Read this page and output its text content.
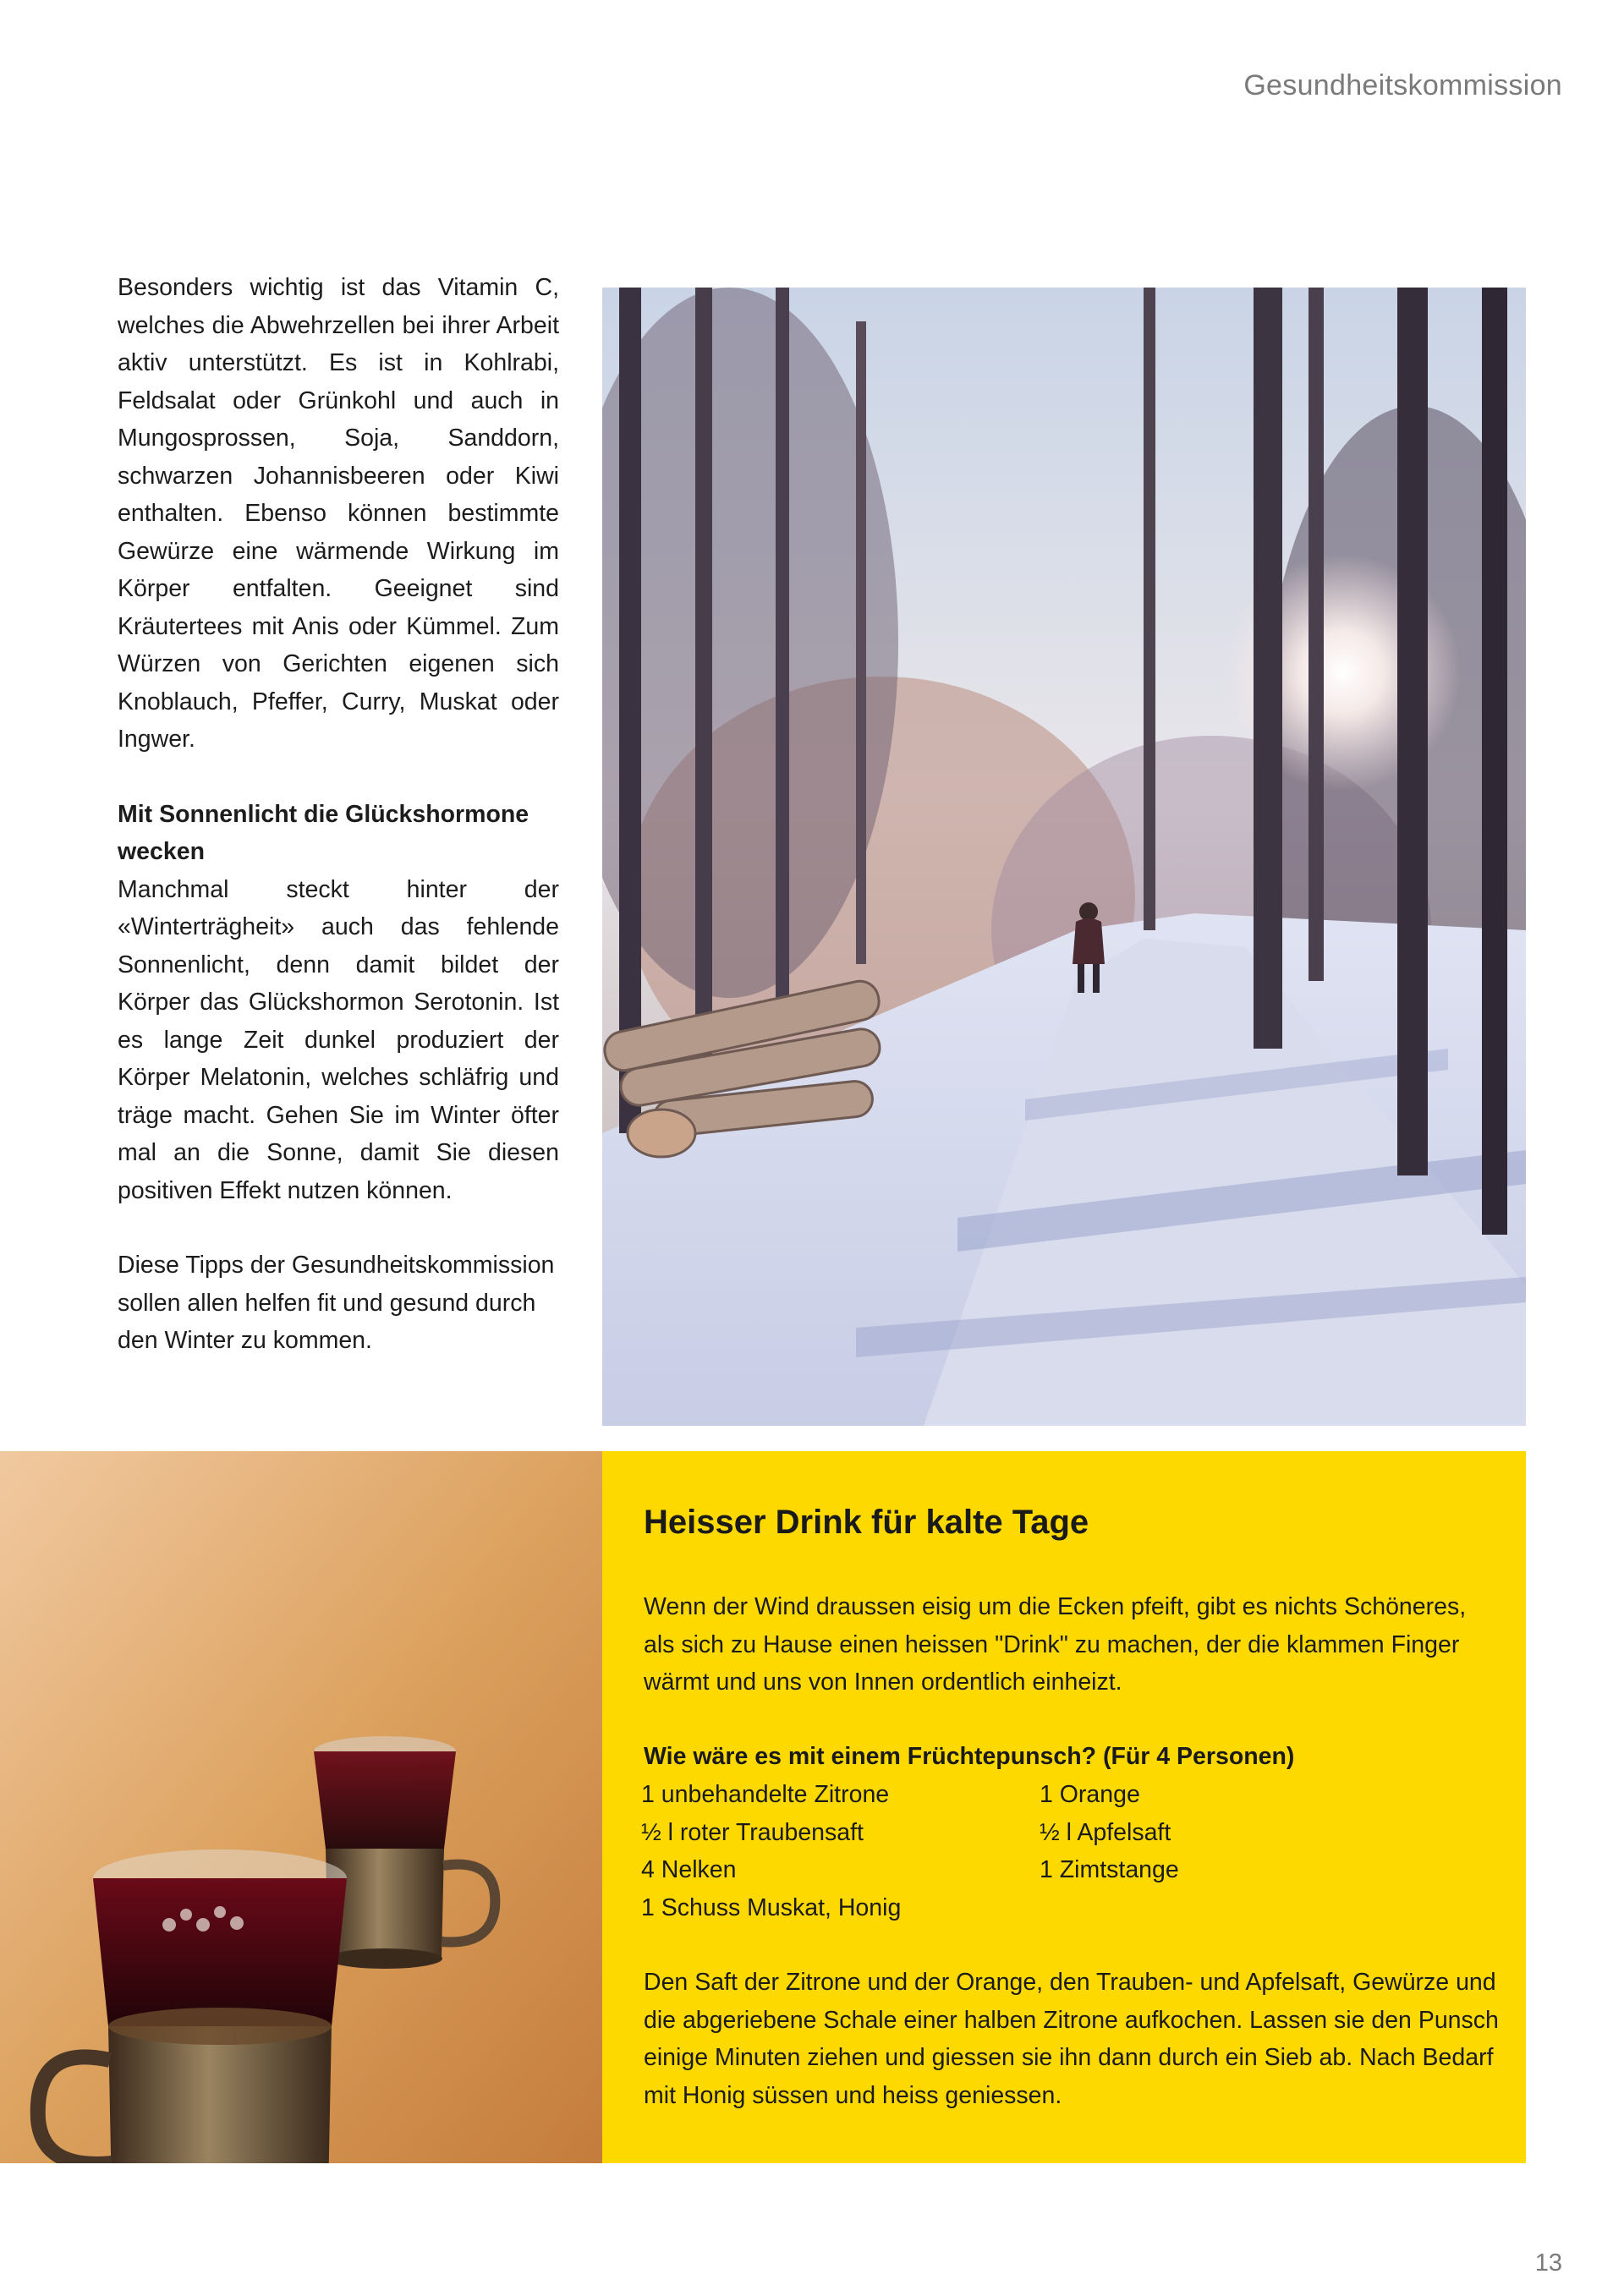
Gesundheitskommission

Besonders wichtig ist das Vitamin C, welches die Abwehrzellen bei ihrer Arbeit aktiv unterstützt. Es ist in Kohlrabi, Feldsalat oder Grünkohl und auch in Mungosprossen, Soja, Sanddorn, schwarzen Johannisbeeren oder Kiwi enthalten. Ebenso können bestimmte Gewürze eine wärmende Wirkung im Körper entfalten. Geeignet sind Kräutertees mit Anis oder Kümmel. Zum Würzen von Gerichten eigenen sich Knoblauch, Pfeffer, Curry, Muskat oder Ingwer.

Mit Sonnenlicht die Glückshormone wecken

Manchmal steckt hinter der «Winterträgheit» auch das fehlende Sonnenlicht, denn damit bildet der Körper das Glückshormon Serotonin. Ist es lange Zeit dunkel produziert der Körper Melatonin, welches schläfrig und träge macht. Gehen Sie im Winter öfter mal an die Sonne, damit Sie diesen positiven Effekt nutzen können.

Diese Tipps der Gesundheitskommission sollen allen helfen fit und gesund durch den Winter zu kommen.

Heisser Drink für kalte Tage

Wenn der Wind draussen eisig um die Ecken pfeift, gibt es nichts Schöneres, als sich zu Hause einen heissen "Drink" zu machen, der die klammen Finger wärmt und uns von Innen ordentlich einheizt.

Wie wäre es mit einem Früchtepunsch? (Für 4 Personen)
1 unbehandelte Zitrone	1 Orange
½ l roter Traubensaft	½ l Apfelsaft
4 Nelken	1 Zimtstange
1 Schuss Muskat, Honig

Den Saft der Zitrone und der Orange, den Trauben- und Apfelsaft, Gewürze und die abgeriebene Schale einer halben Zitrone aufkochen. Lassen sie den Punsch einige Minuten ziehen und giessen sie ihn dann durch ein Sieb ab. Nach Bedarf mit Honig süssen und heiss geniessen.

13
